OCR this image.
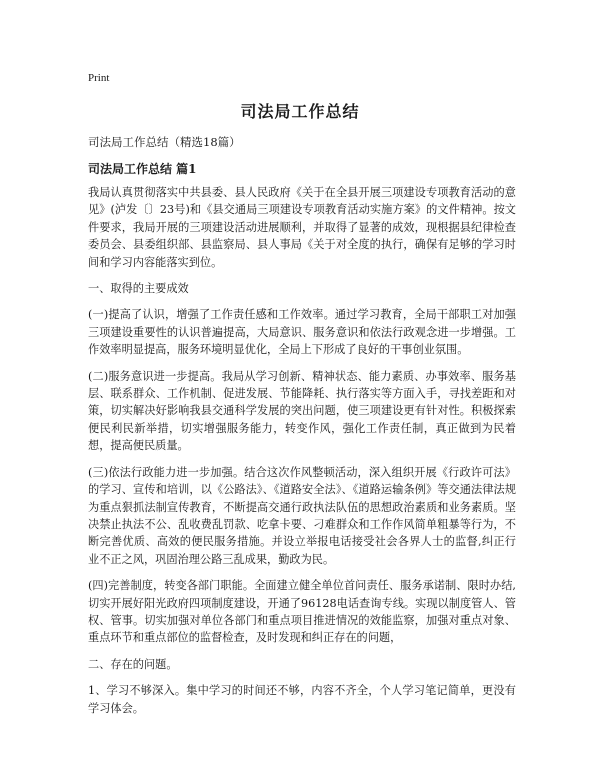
Print
司法局工作总结
司法局工作总结（精选18篇）
司法局工作总结 篇1

我局认真贯彻落实中共县委、县人民政府《关于在全县开展三项建设专项教育活动的意见》(泸发〔〕23号)和《县交通局三项建设专项教育活动实施方案》的文件精神。按文件要求，我局开展的三项建设活动进展顺利，并取得了显著的成效，现根据县纪律检查委员会、县委组织部、县监察局、县人事局《关于对全度的执行，确保有足够的学习时间和学习内容能落实到位。

一、取得的主要成效

(一)提高了认识，增强了工作责任感和工作效率。通过学习教育，全局干部职工对加强三项建设重要性的认识普遍提高，大局意识、服务意识和依法行政观念进一步增强。工作效率明显提高，服务环境明显优化，全局上下形成了良好的干事创业氛围。

(二)服务意识进一步提高。我局从学习创新、精神状态、能力素质、办事效率、服务基层、联系群众、工作机制、促进发展、节能降耗、执行落实等方面入手，寻找差距和对策，切实解决好影响我县交通科学发展的突出问题，使三项建设更有针对性。积极探索便民利民新举措，切实增强服务能力，转变作风，强化工作责任制，真正做到为民着想，提高便民质量。

(三)依法行政能力进一步加强。结合这次作风整顿活动，深入组织开展《行政许可法》的学习、宣传和培训，以《公路法》、《道路安全法》、《道路运输条例》等交通法律法规为重点狠抓法制宣传教育，不断提高交通行政执法队伍的思想政治素质和业务素质。坚决禁止执法不公、乱收费乱罚款、吃拿卡要、刁难群众和工作作风简单粗暴等行为，不断完善优质、高效的便民服务措施。并设立举报电话接受社会各界人士的监督,纠正行业不正之风，巩固治理公路三乱成果，勤政为民。

(四)完善制度，转变各部门职能。全面建立健全单位首问责任、服务承诺制、限时办结,切实开展好阳光政府四项制度建设，开通了96128电话查询专线。实现以制度管人、管权、管事。切实加强对单位各部门和重点项目推进情况的效能监察，加强对重点对象、重点环节和重点部位的监督检查，及时发现和纠正存在的问题，

二、存在的问题。

1、学习不够深入。集中学习的时间还不够，内容不齐全，个人学习笔记简单，更没有学习体会。
